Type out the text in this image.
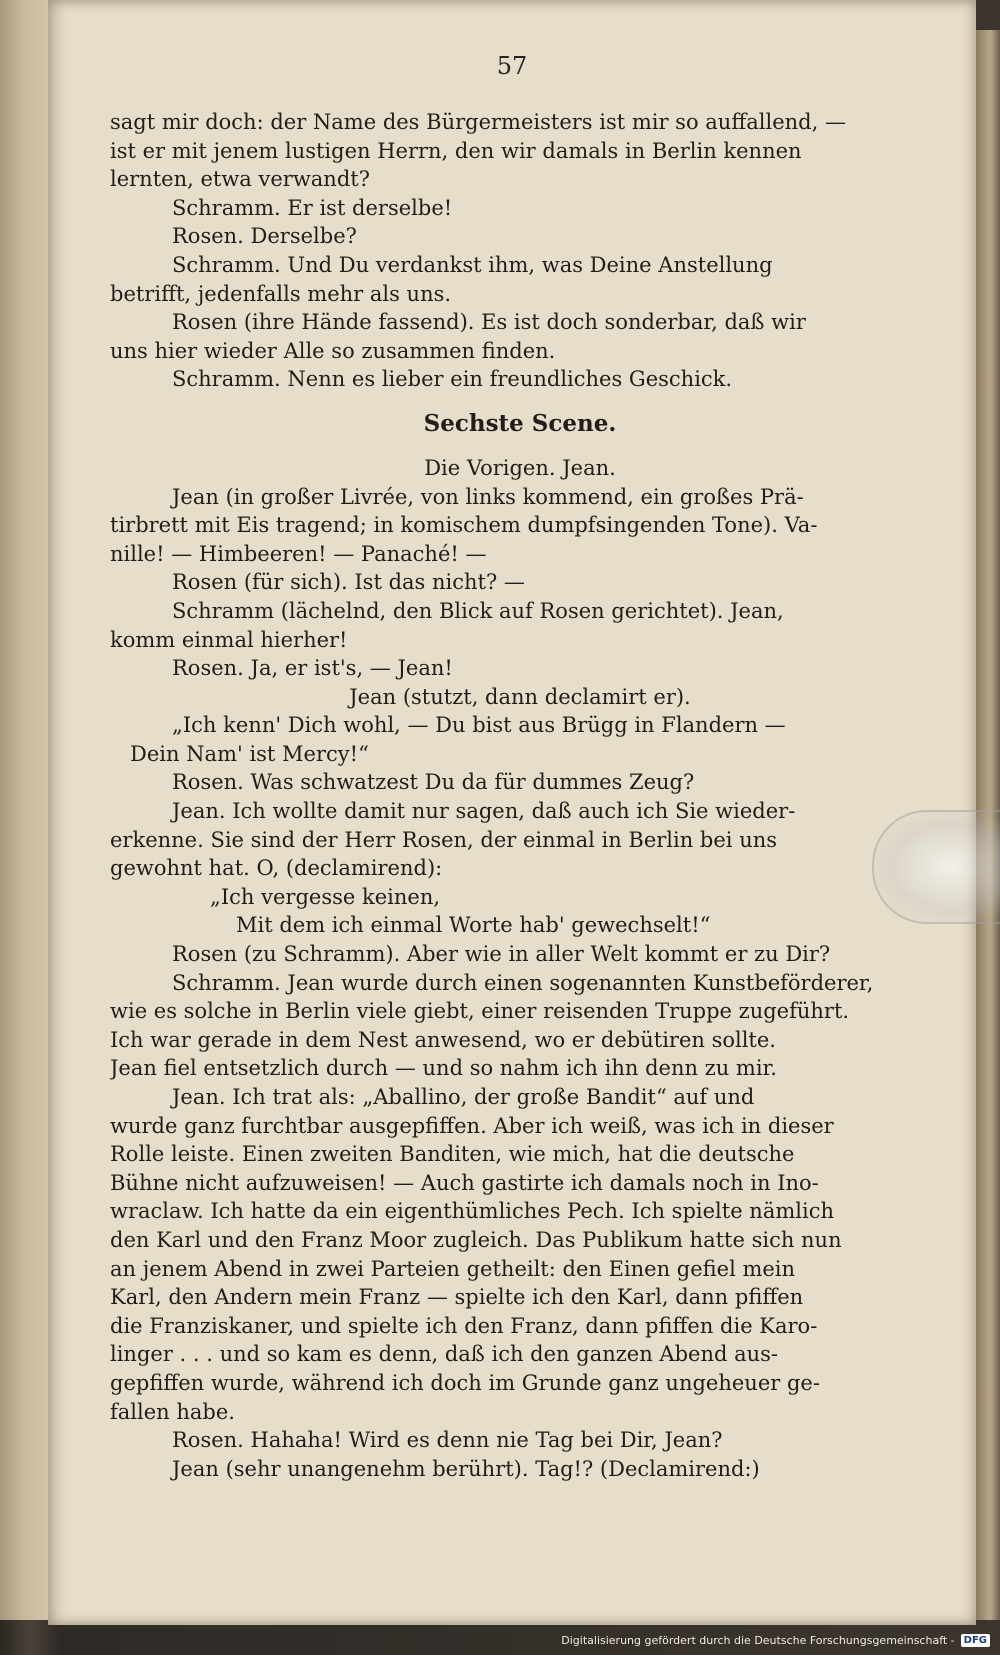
57
sagt mir doch: der Name des Bürgermeisters ist mir so auffallend, —
ist er mit jenem lustigen Herrn, den wir damals in Berlin kennen
lernten, etwa verwandt?
Schramm. Er ist derselbe!
Rosen. Derselbe?
Schramm. Und Du verdankst ihm, was Deine Anstellung
betrifft, jedenfalls mehr als uns.
Rosen (ihre Hände fassend). Es ist doch sonderbar, daß wir
uns hier wieder Alle so zusammen finden.
Schramm. Nenn es lieber ein freundliches Geschick.
Sechste Scene.
Die Vorigen. Jean.
Jean (in großer Livrée, von links kommend, ein großes Prä-
tirbrett mit Eis tragend; in komischem dumpfsingenden Tone). Va-
nille! — Himbeeren! — Panaché! —
Rosen (für sich). Ist das nicht? —
Schramm (lächelnd, den Blick auf Rosen gerichtet). Jean,
komm einmal hierher!
Rosen. Ja, er ist's, — Jean!
Jean (stutzt, dann declamirt er).
„Ich kenn' Dich wohl, — Du bist aus Brügg in Flandern —
Dein Nam' ist Mercy!“
Rosen. Was schwatzest Du da für dummes Zeug?
Jean. Ich wollte damit nur sagen, daß auch ich Sie wieder-
erkenne. Sie sind der Herr Rosen, der einmal in Berlin bei uns
gewohnt hat. O, (declamirend):
„Ich vergesse keinen,
Mit dem ich einmal Worte hab' gewechselt!“
Rosen (zu Schramm). Aber wie in aller Welt kommt er zu Dir?
Schramm. Jean wurde durch einen sogenannten Kunstbeförderer,
wie es solche in Berlin viele giebt, einer reisenden Truppe zugeführt.
Ich war gerade in dem Nest anwesend, wo er debütiren sollte.
Jean fiel entsetzlich durch — und so nahm ich ihn denn zu mir.
Jean. Ich trat als: „Aballino, der große Bandit“ auf und
wurde ganz furchtbar ausgepfiffen. Aber ich weiß, was ich in dieser
Rolle leiste. Einen zweiten Banditen, wie mich, hat die deutsche
Bühne nicht aufzuweisen! — Auch gastirte ich damals noch in Ino-
wraclaw. Ich hatte da ein eigenthümliches Pech. Ich spielte nämlich
den Karl und den Franz Moor zugleich. Das Publikum hatte sich nun
an jenem Abend in zwei Parteien getheilt: den Einen gefiel mein
Karl, den Andern mein Franz — spielte ich den Karl, dann pfiffen
die Franziskaner, und spielte ich den Franz, dann pfiffen die Karo-
linger . . . und so kam es denn, daß ich den ganzen Abend aus-
gepfiffen wurde, während ich doch im Grunde ganz ungeheuer ge-
fallen habe.
Rosen. Hahaha! Wird es denn nie Tag bei Dir, Jean?
Jean (sehr unangenehm berührt). Tag!? (Declamirend:)
Digitalisierung gefördert durch die Deutsche Forschungsgemeinschaft - DFG
